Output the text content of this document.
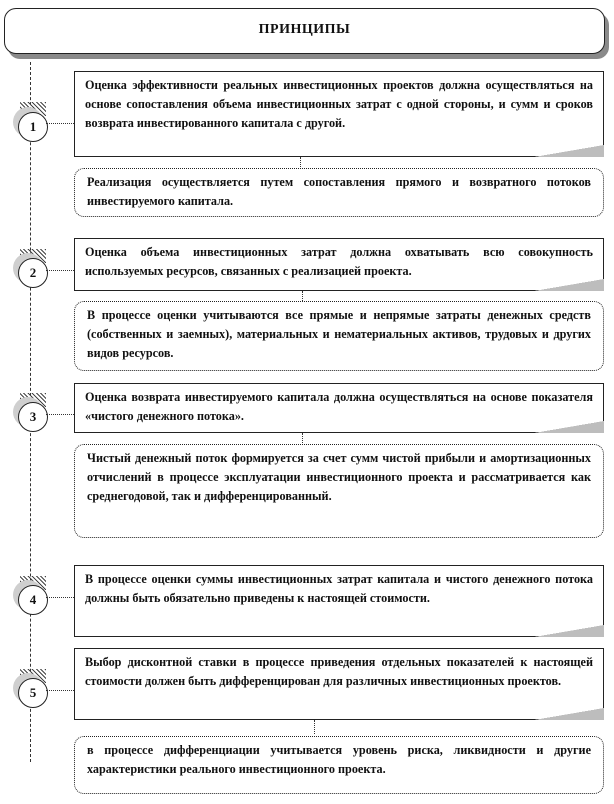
ПРИНЦИПЫ
1
Оценка эффективности реальных инвестиционных проектов должна осуществляться на основе сопоставления объема инвестиционных затрат с одной стороны, и сумм и сроков возврата инвестированного капитала с другой.
Реализация осуществляется путем сопоставления прямого и возвратного потоков инвестируемого капитала.
2
Оценка объема инвестиционных затрат должна охватывать всю совокупность используемых ресурсов, связанных с реализацией проекта.
В процессе оценки учитываются все прямые и непрямые затраты денежных средств (собственных и заемных), материальных и нематериальных активов, трудовых и других видов ресурсов.
3
Оценка возврата инвестируемого капитала должна осуществляться на основе показателя «чистого денежного потока».
Чистый денежный поток формируется за счет сумм чистой прибыли и амортизационных отчислений в процессе эксплуатации инвестиционного проекта и рассматривается как среднегодовой, так и дифференцированный.
4
В процессе оценки суммы инвестиционных затрат капитала и чистого денежного потока должны быть обязательно приведены к настоящей стоимости.
5
Выбор дисконтной ставки в процессе приведения отдельных показателей к настоящей стоимости должен быть дифференцирован для различных инвестиционных проектов.
в процессе дифференциации учитывается уровень риска, ликвидности и другие характеристики реального инвестиционного проекта.
